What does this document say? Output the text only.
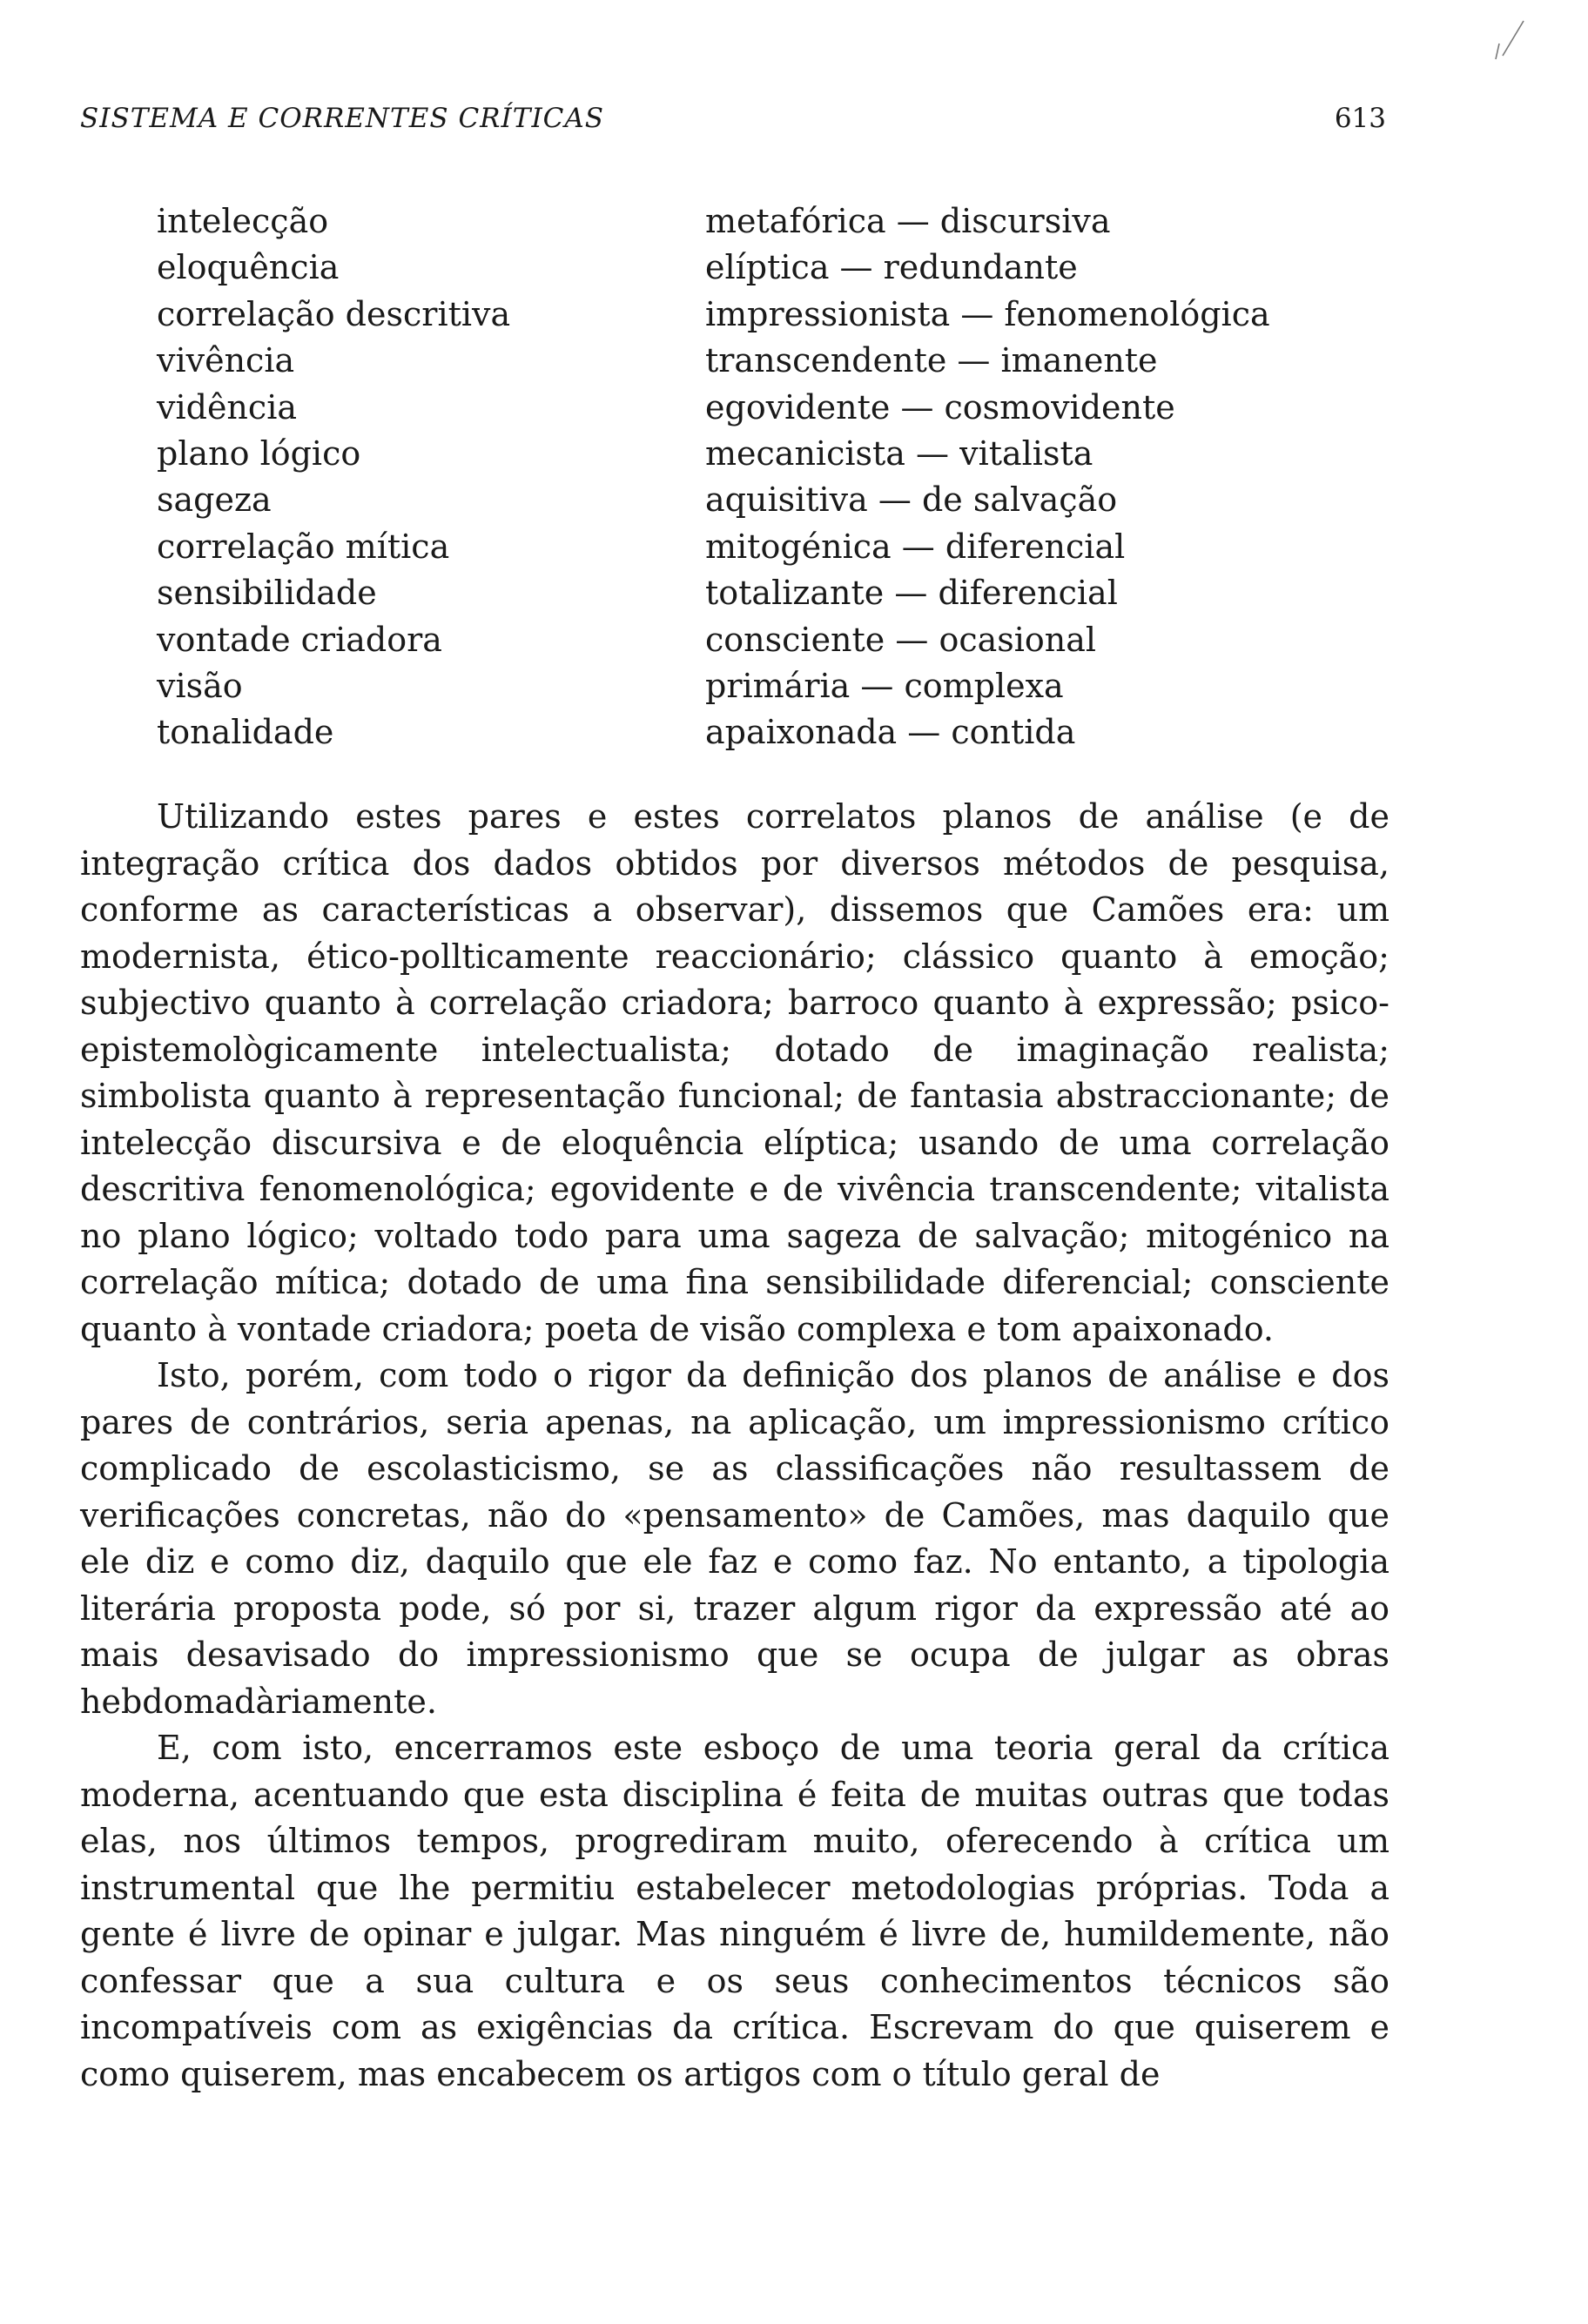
SISTEMA E CORRENTES CRÍTICAS	613
intelecção
eloquência
correlação descritiva
vivência
vidência
plano lógico
sageza
correlação mítica
sensibilidade
vontade criadora
visão
tonalidade
metafórica — discursiva
elíptica — redundante
impressionista — fenomenológica
transcendente — imanente
egovidente — cosmovidente
mecanicista — vitalista
aquisitiva — de salvação
mitogénica — diferencial
totalizante — diferencial
consciente — ocasional
primária — complexa
apaixonada — contida

Utilizando estes pares e estes correlatos planos de análise (e de integração crítica dos dados obtidos por diversos métodos de pesquisa, conforme as características a observar), dissemos que Camões era: um modernista, ético-pollticamente reaccionário; clássico quanto à emoção; subjectivo quanto à correlação criadora; barroco quanto à expressão; psico-epistemològicamente intelectualista; dotado de imaginação realista; simbolista quanto à representação funcional; de fantasia abstraccionante; de intelecção discursiva e de eloquência elíptica; usando de uma correlação descritiva fenomenológica; egovidente e de vivência transcendente; vitalista no plano lógico; voltado todo para uma sageza de salvação; mitogénico na correlação mítica; dotado de uma fina sensibilidade diferencial; consciente quanto à vontade criadora; poeta de visão complexa e tom apaixonado.

Isto, porém, com todo o rigor da definição dos planos de análise e dos pares de contrários, seria apenas, na aplicação, um impressionismo crítico complicado de escolasticismo, se as classificações não resultassem de verificações concretas, não do «pensamento» de Camões, mas daquilo que ele diz e como diz, daquilo que ele faz e como faz. No entanto, a tipologia literária proposta pode, só por si, trazer algum rigor da expressão até ao mais desavisado do impressionismo que se ocupa de julgar as obras hebdomadàriamente.

E, com isto, encerramos este esboço de uma teoria geral da crítica moderna, acentuando que esta disciplina é feita de muitas outras que todas elas, nos últimos tempos, progrediram muito, oferecendo à crítica um instrumental que lhe permitiu estabelecer metodologias próprias. Toda a gente é livre de opinar e julgar. Mas ninguém é livre de, humildemente, não confessar que a sua cultura e os seus conhecimentos técnicos são incompatíveis com as exigências da crítica. Escrevam do que quiserem e como quiserem, mas encabecem os artigos com o título geral de
